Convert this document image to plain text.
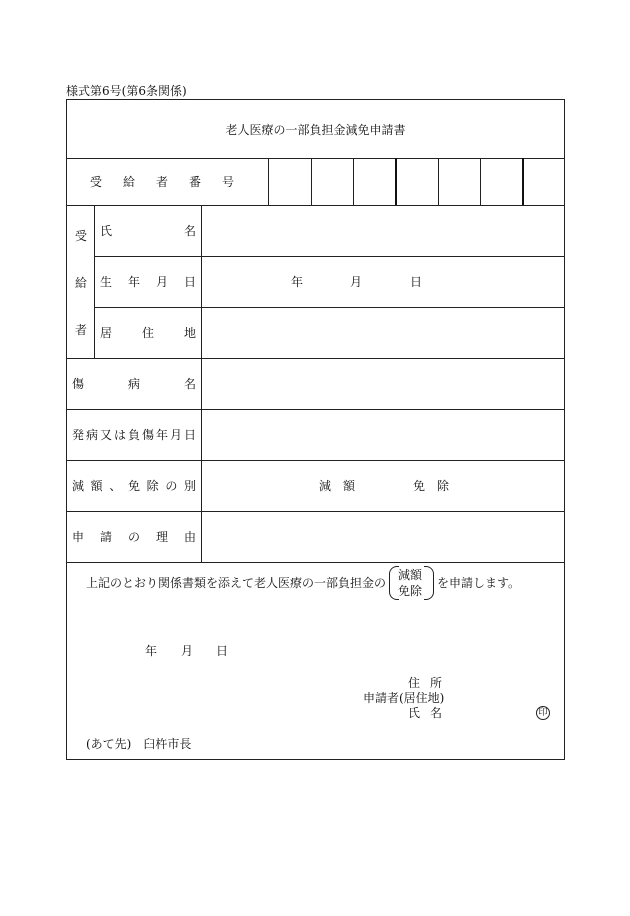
様式第6号(第6条関係)
老人医療の一部負担金減免申請書
受給者番号
受
給
者
氏名
生年月日	年	月	日
居住地
傷病名
発病又は負傷年月日
減額、免除の別	減額	免除
申請の理由
上記のとおり関係書類を添えて老人医療の一部負担金の
減額
免除
を申請します。
年 月 日
住所
申請者(居住地)
氏名	印
(あて先)　臼杵市長
